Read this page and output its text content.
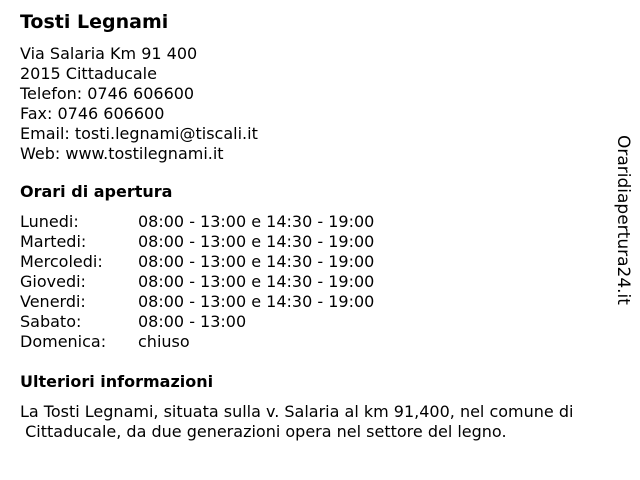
Tosti Legnami
Via Salaria Km 91 400
2015 Cittaducale
Telefon: 0746 606600
Fax: 0746 606600
Email: tosti.legnami@tiscali.it
Web: www.tostilegnami.it
Orari di apertura
Lunedi:	08:00 - 13:00 e 14:30 - 19:00
Martedi:	08:00 - 13:00 e 14:30 - 19:00
Mercoledi:	08:00 - 13:00 e 14:30 - 19:00
Giovedi:	08:00 - 13:00 e 14:30 - 19:00
Venerdi:	08:00 - 13:00 e 14:30 - 19:00
Sabato:	08:00 - 13:00
Domenica:	chiuso
Ulteriori informazioni
La Tosti Legnami, situata sulla v. Salaria al km 91,400, nel comune di
Cittaducale, da due generazioni opera nel settore del legno.
Oraridiapertura24.it
